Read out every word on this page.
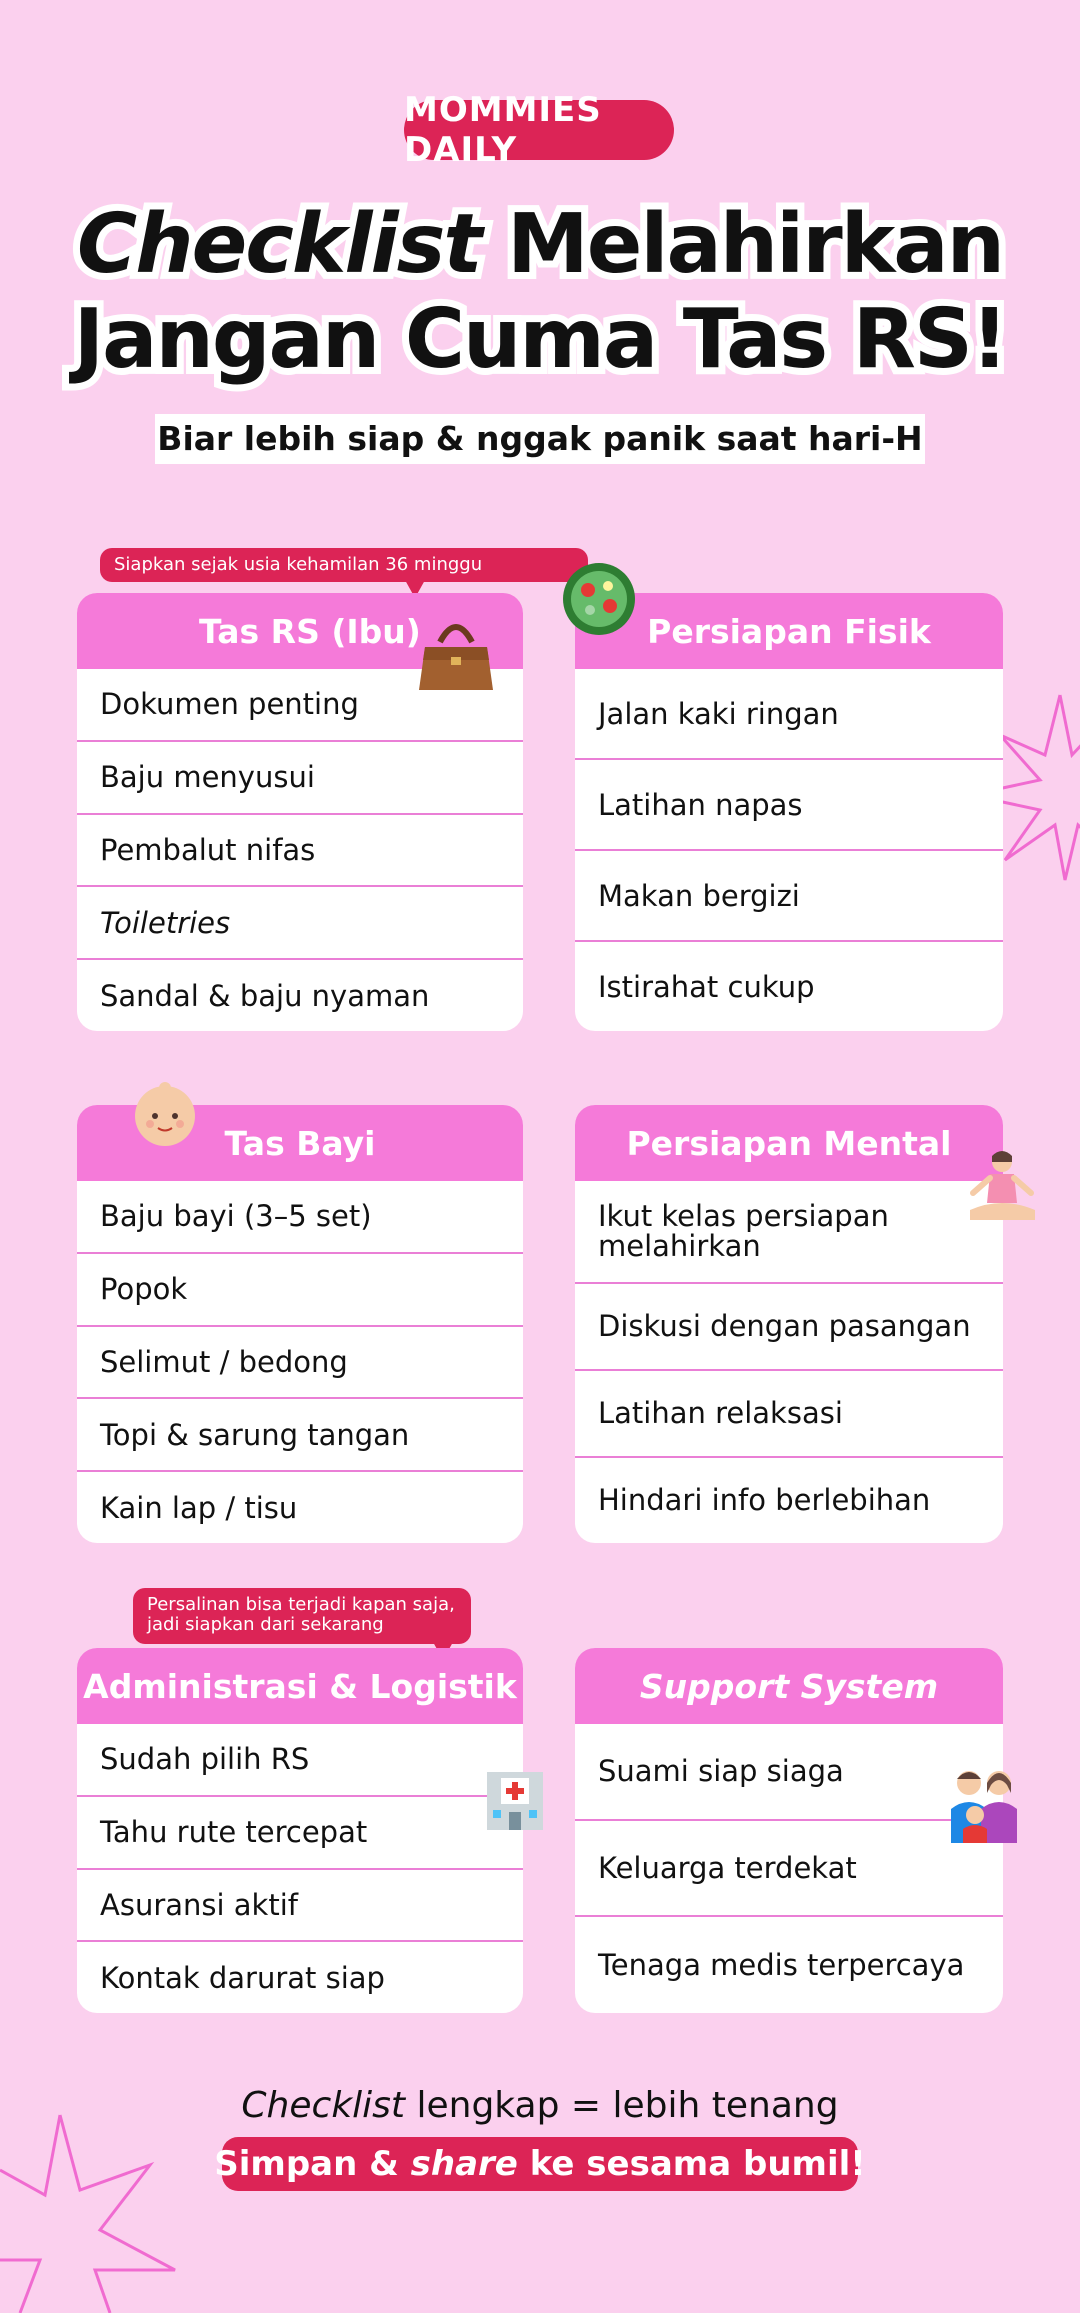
MOMMIES DAILY
Checklist Melahirkan
Jangan Cuma Tas RS!
Biar lebih siap & nggak panik saat hari-H
Siapkan sejak usia kehamilan 36 minggu
Tas RS (Ibu)
Dokumen penting
Baju menyusui
Pembalut nifas
Toiletries
Sandal & baju nyaman
Persiapan Fisik
Jalan kaki ringan
Latihan napas
Makan bergizi
Istirahat cukup
Tas Bayi
Baju bayi (3–5 set)
Popok
Selimut / bedong
Topi & sarung tangan
Kain lap / tisu
Persiapan Mental
Ikut kelas persiapan melahirkan
Diskusi dengan pasangan
Latihan relaksasi
Hindari info berlebihan
Persalinan bisa terjadi kapan saja,
jadi siapkan dari sekarang
Administrasi & Logistik
Sudah pilih RS
Tahu rute tercepat
Asuransi aktif
Kontak darurat siap
Support System
Suami siap siaga
Keluarga terdekat
Tenaga medis terpercaya
Checklist lengkap = lebih tenang
Simpan & share ke sesama bumil!
